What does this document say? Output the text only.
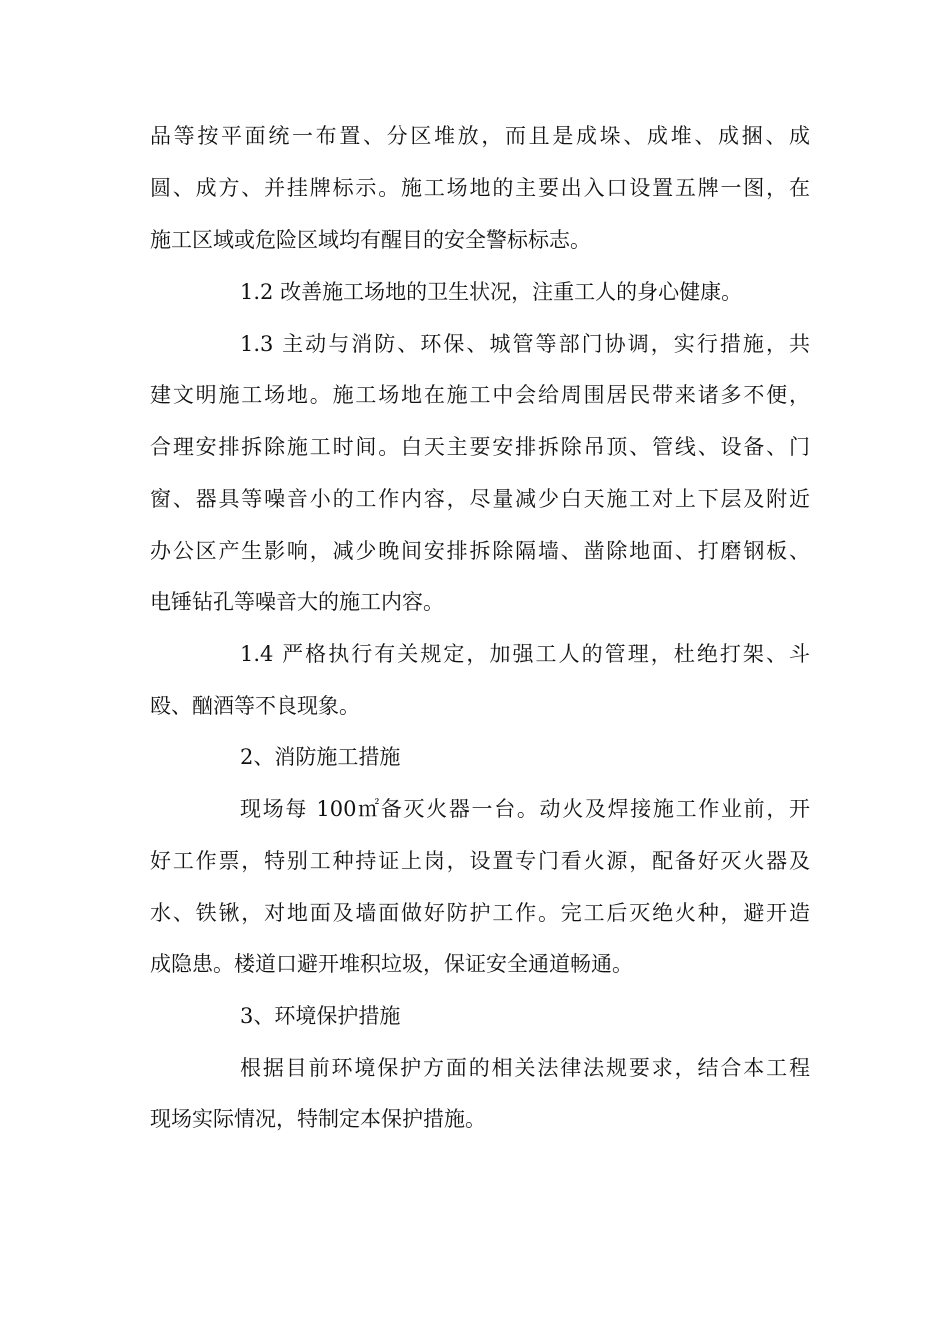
品等按平面统一布置、分区堆放，而且是成垛、成堆、成捆、成
圆、成方、并挂牌标示。施工场地的主要出入口设置五牌一图，在
施工区域或危险区域均有醒目的安全警标标志。
1.2 改善施工场地的卫生状况，注重工人的身心健康。
1.3 主动与消防、环保、城管等部门协调，实行措施，共
建文明施工场地。施工场地在施工中会给周围居民带来诸多不便，
合理安排拆除施工时间。白天主要安排拆除吊顶、管线、设备、门
窗、器具等噪音小的工作内容，尽量减少白天施工对上下层及附近
办公区产生影响，减少晚间安排拆除隔墙、凿除地面、打磨钢板、
电锤钻孔等噪音大的施工内容。
1.4 严格执行有关规定，加强工人的管理，杜绝打架、斗
殴、酗酒等不良现象。
2、消防施工措施
现场每 100㎡备灭火器一台。动火及焊接施工作业前，开
好工作票，特别工种持证上岗，设置专门看火源，配备好灭火器及
水、铁锹，对地面及墙面做好防护工作。完工后灭绝火种，避开造
成隐患。楼道口避开堆积垃圾，保证安全通道畅通。
3、环境保护措施
根据目前环境保护方面的相关法律法规要求，结合本工程
现场实际情况，特制定本保护措施。
